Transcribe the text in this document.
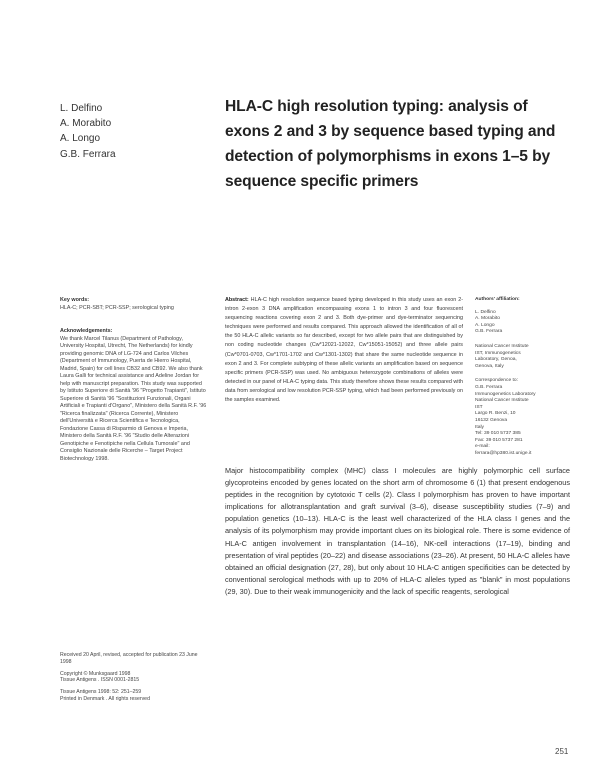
L. Delfino
A. Morabito
A. Longo
G.B. Ferrara
HLA-C high resolution typing: analysis of exons 2 and 3 by sequence based typing and detection of polymorphisms in exons 1–5 by sequence specific primers

Key words:

HLA-C; PCR-SBT; PCR-SSP; serological typing

Acknowledgements:

We thank Marcel Tilanus (Department of Pathology, University Hospital, Utrecht, The Netherlands) for kindly providing genomic DNA of LG-724 and Carlos Vilches (Department of Immunology, Puerta de Hierro Hospital, Madrid, Spain) for cell lines CB32 and CB92. We also thank Laura Galli for technical assistance and Adeline Jordan for help with manuscript preparation. This study was supported by Istituto Superiore di Sanità '96 "Progetto Trapianti", Istituto Superiore di Sanità '96 "Sostituzioni Funzionali, Organi Artificiali e Trapianti d'Organo", Ministero della Sanità R.F. '96 "Ricerca finalizzata" (Ricerca Corrente), Ministero dell'Università e Ricerca Scientifica e Tecnologica, Fondazione Cassa di Risparmio di Genova e Imperia, Ministero della Sanità R.F. '96 "Studio delle Alterazioni Genotipiche e Fenotipiche nella Cellula Tumorale" and Consiglio Nazionale delle Ricerche – Target Project Biotechnology 1998.

Received 20 April, revised, accepted for publication 23 June 1998

Copyright © Munksgaard 1998

Tissue Antigens . ISSN 0001-2815

Tissue Antigens 1998: 52: 251–259

Printed in Denmark . All rights reserved

Abstract: HLA-C high resolution sequence based typing developed in this study uses an exon 2-intron 2-exon 3 DNA amplification encompassing exons 1 to intron 3 and four fluorescent sequencing reactions covering exon 2 and 3. Both dye-primer and dye-terminator sequencing techniques were performed and results compared. This approach allowed the identification of all of the 50 HLA-C allelic variants so far described, except for two allele pairs that are distinguished by non coding nucleotide changes (Cw*12021-12022, Cw*15051-15052) and three allele pairs (Cw*0701-0703, Cw*1701-1702 and Cw*1301-1302) that share the same nucleotide sequence in exon 2 and 3. For complete subtyping of these allelic variants an amplification based on sequence specific primers (PCR-SSP) was used. No ambiguous heterozygote combinations of alleles were detected in our panel of HLA-C typing data. This study therefore shows these results compared with data from serological and low resolution PCR-SSP typing, which had been performed previously on the samples examined.

Authors' affiliation:

L. Delfino

A. Morabito

A. Longo

G.B. Ferrara

National Cancer Institute

IST, Immunogenetics

Laboratory, Genoa,

Genova, Italy

Correspondence to:

G.B. Ferrara

Immunogenetics Laboratory

National Cancer Institute

IST

Largo R. Benzi, 10

16132 Genova

Italy

Tel: 39 010 5737 385

Fax: 39 010 5737 281

e-mail:

ferrara@hp380.ist.unige.it

Major histocompatibility complex (MHC) class I molecules are highly polymorphic cell surface glycoproteins encoded by genes located on the short arm of chromosome 6 (1) that present endogenous peptides in the recognition by cytotoxic T cells (2). Class I polymorphism has proven to have important implications for allotransplantation and graft survival (3–6), disease susceptibility studies (7–9) and population genetics (10–13). HLA-C is the least well characterized of the HLA class I genes and the analysis of its polymorphism may provide important clues on its biological role. There is some evidence of HLA-C antigen involvement in transplantation (14–16), NK-cell interactions (17–19), binding and presentation of viral peptides (20–22) and disease associations (23–26). At present, 50 HLA-C alleles have obtained an official designation (27, 28), but only about 10 HLA-C antigen specificities can be detected by conventional serological methods with up to 20% of HLA-C alleles typed as "blank" in most populations (29, 30). Due to their weak immunogenicity and the lack of specific reagents, serological

251
